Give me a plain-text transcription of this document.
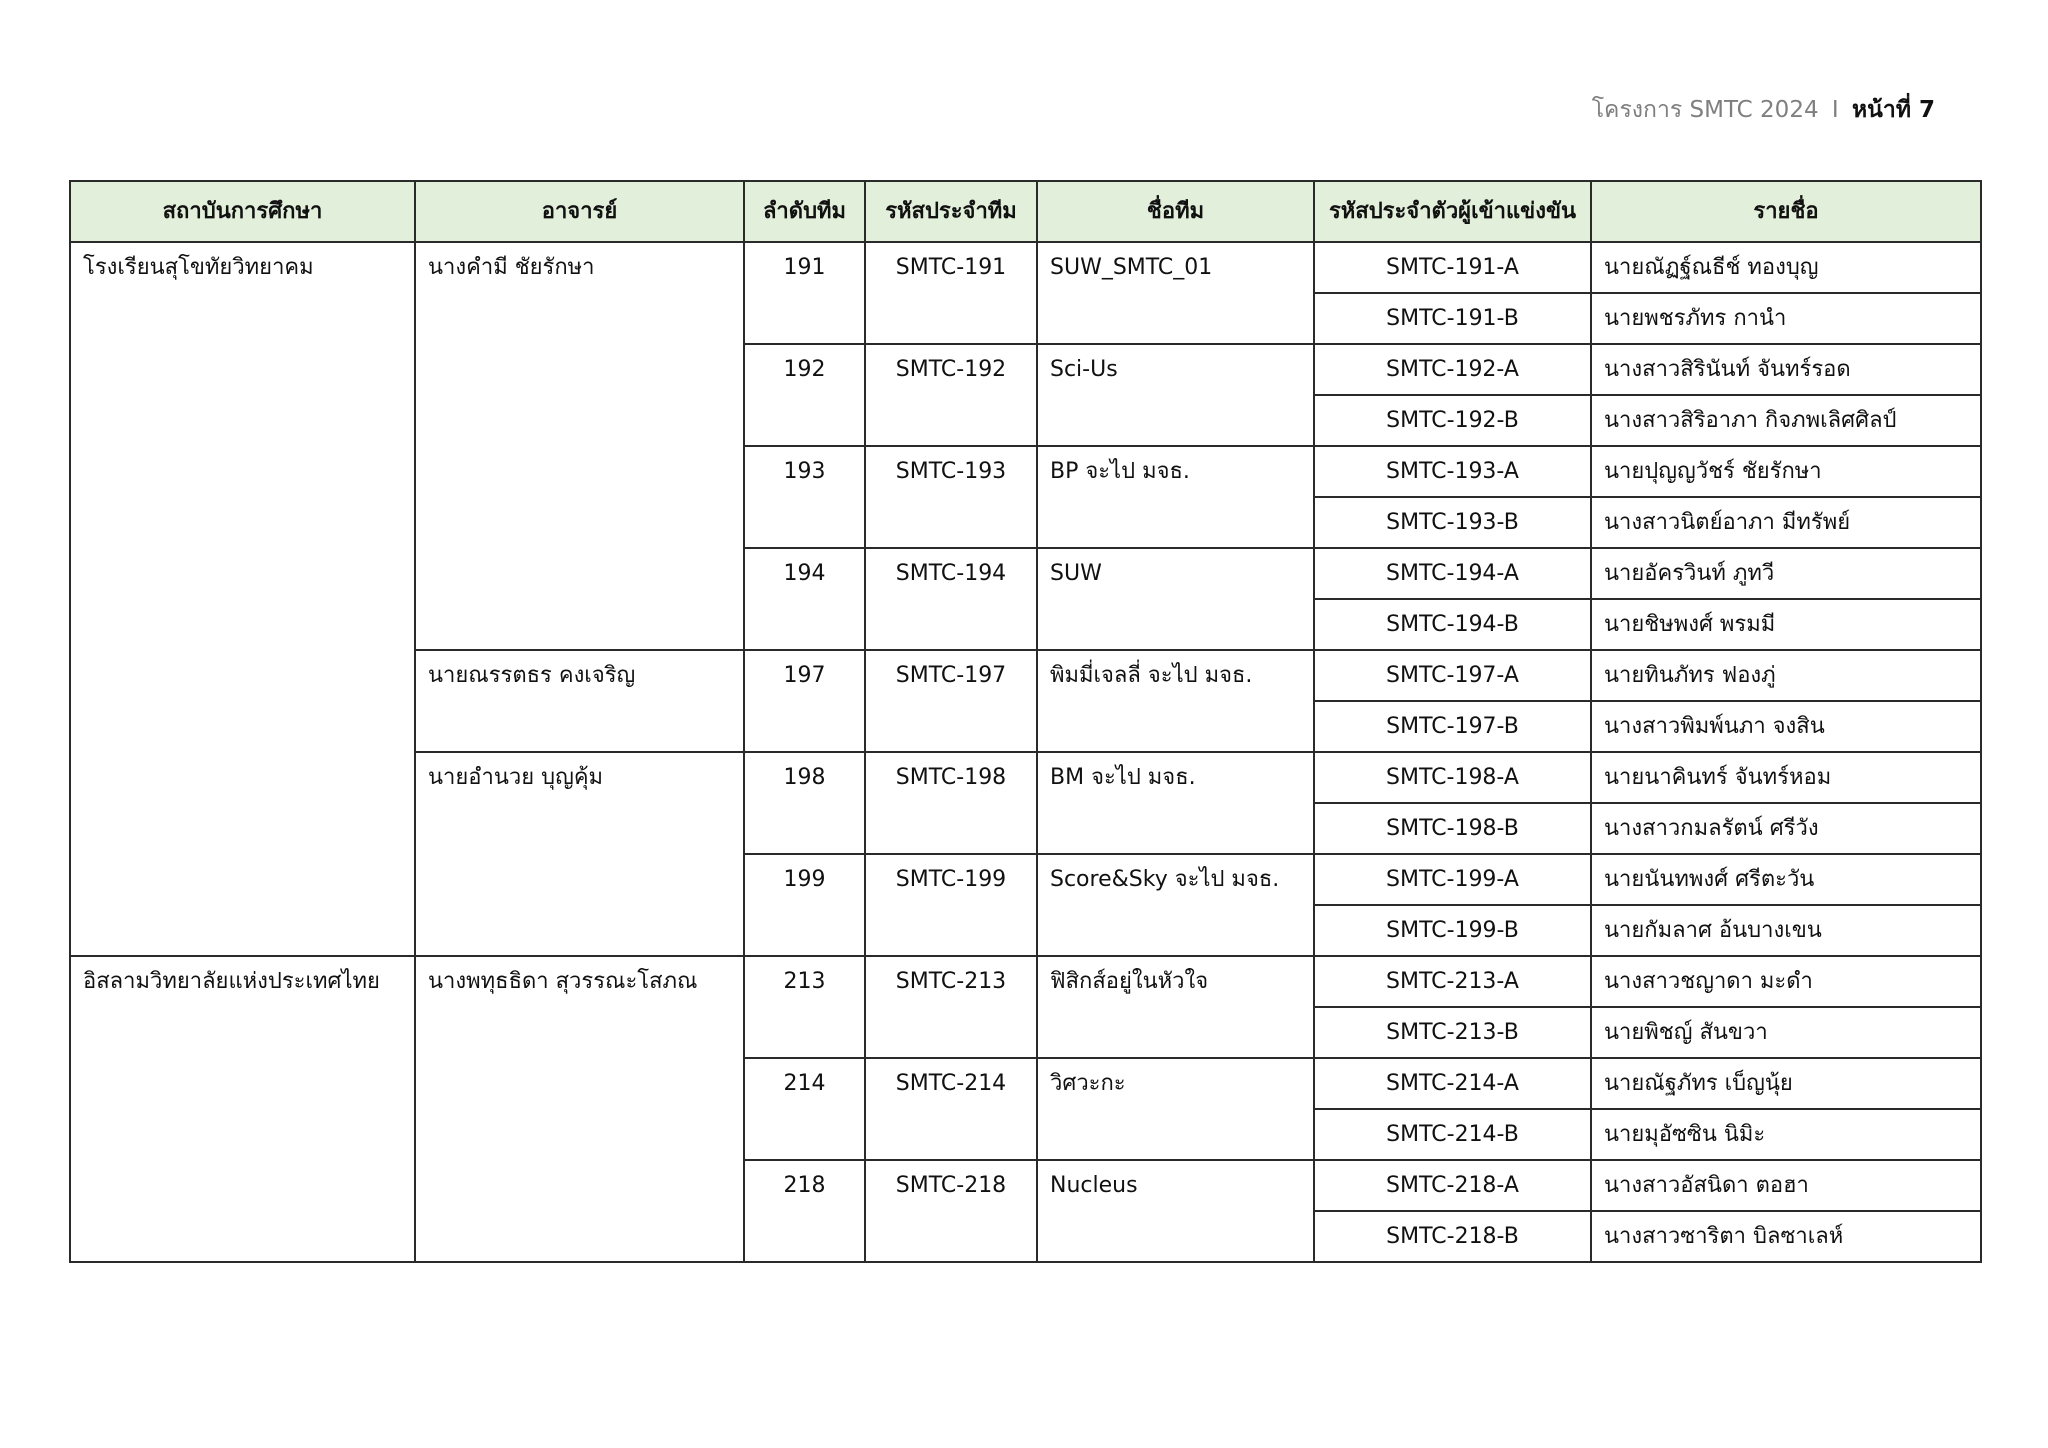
โครงการ SMTC 2024 I หน้าที่ 7
สถาบันการศึกษา	อาจารย์	ลำดับทีม	รหัสประจำทีม	ชื่อทีม	รหัสประจำตัวผู้เข้าแข่งขัน	รายชื่อ
โรงเรียนสุโขทัยวิทยาคม	นางคำมี ชัยรักษา	191	SMTC-191	SUW_SMTC_01	SMTC-191-A	นายณัฏฐ์ณธีช์ ทองบุญ
					SMTC-191-B	นายพชรภัทร กานำ
		192	SMTC-192	Sci-Us	SMTC-192-A	นางสาวสิรินันท์ จันทร์รอด
					SMTC-192-B	นางสาวสิริอาภา กิจภพเลิศศิลป์
		193	SMTC-193	BP จะไป มจธ.	SMTC-193-A	นายปุญญวัชร์ ชัยรักษา
					SMTC-193-B	นางสาวนิตย์อาภา มีทรัพย์
		194	SMTC-194	SUW	SMTC-194-A	นายอัครวินท์ ภูทวี
					SMTC-194-B	นายชิษพงศ์ พรมมี
	นายณรรตธร คงเจริญ	197	SMTC-197	พิมมี่เจลลี่ จะไป มจธ.	SMTC-197-A	นายทินภัทร ฟองภู่
					SMTC-197-B	นางสาวพิมพ์นภา จงสิน
	นายอำนวย บุญคุ้ม	198	SMTC-198	BM จะไป มจธ.	SMTC-198-A	นายนาคินทร์ จันทร์หอม
					SMTC-198-B	นางสาวกมลรัตน์ ศรีวัง
		199	SMTC-199	Score&Sky จะไป มจธ.	SMTC-199-A	นายนันทพงศ์ ศรีตะวัน
					SMTC-199-B	นายกัมลาศ อ้นบางเขน
อิสลามวิทยาลัยแห่งประเทศไทย	นางพทุธธิดา สุวรรณะโสภณ	213	SMTC-213	ฟิสิกส์อยู่ในหัวใจ	SMTC-213-A	นางสาวชญาดา มะดำ
					SMTC-213-B	นายพิชญ์ สันขวา
		214	SMTC-214	วิศวะกะ	SMTC-214-A	นายณัฐภัทร เบ็ญนุ้ย
					SMTC-214-B	นายมุอัซซิน นิมิะ
		218	SMTC-218	Nucleus	SMTC-218-A	นางสาวอัสนิดา ตอฮา
					SMTC-218-B	นางสาวซาริตา บิลซาเลห์
